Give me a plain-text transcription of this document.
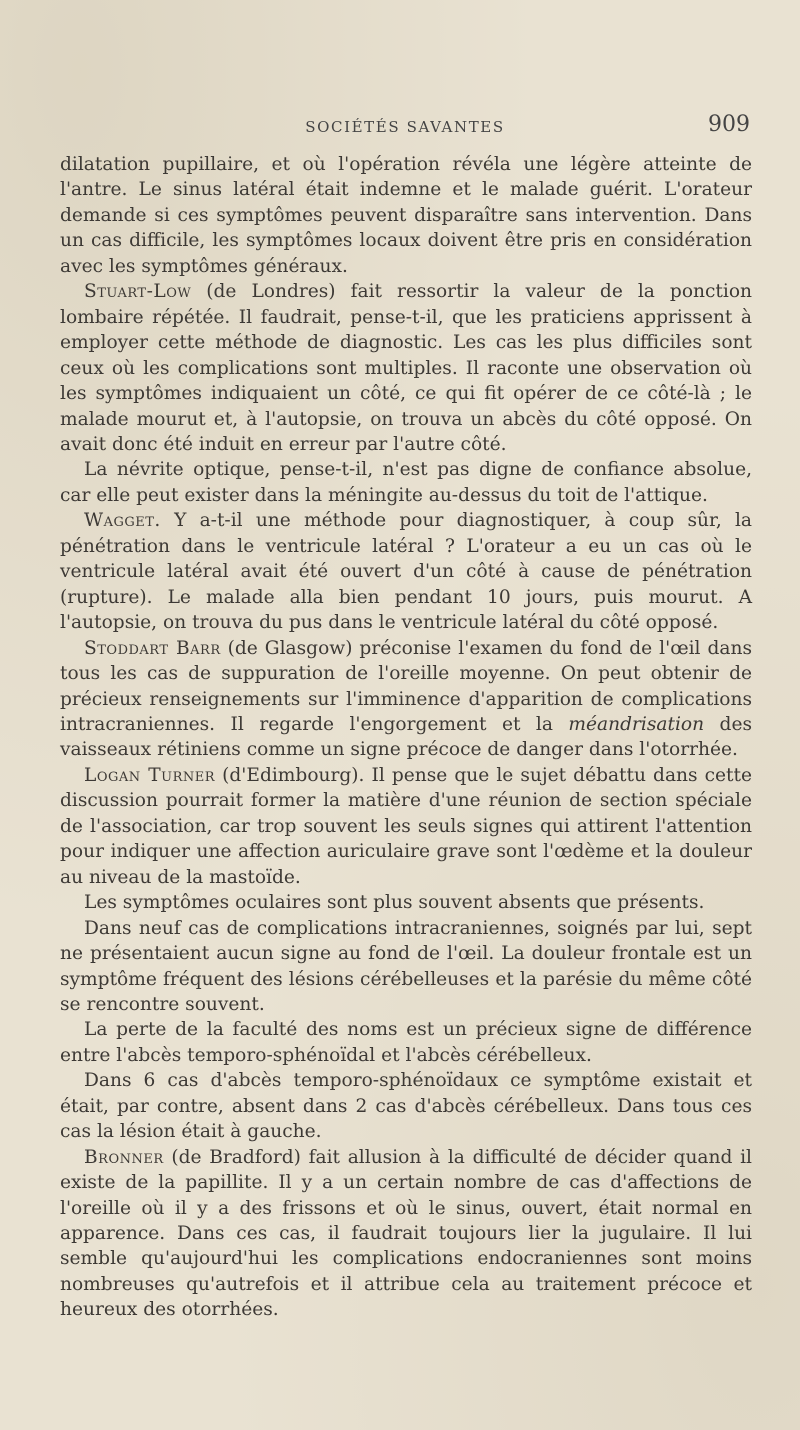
SOCIÉTÉS SAVANTES	909

dilatation pupillaire, et où l'opération révéla une légère atteinte de l'antre. Le sinus latéral était indemne et le malade guérit. L'orateur demande si ces symptômes peuvent disparaître sans intervention. Dans un cas difficile, les symptômes locaux doivent être pris en considération avec les symptômes généraux.

Stuart-Low (de Londres) fait ressortir la valeur de la ponction lombaire répétée. Il faudrait, pense-t-il, que les praticiens apprissent à employer cette méthode de diagnostic. Les cas les plus difficiles sont ceux où les complications sont multiples. Il raconte une observation où les symptômes indiquaient un côté, ce qui fit opérer de ce côté-là ; le malade mourut et, à l'autopsie, on trouva un abcès du côté opposé. On avait donc été induit en erreur par l'autre côté.

La névrite optique, pense-t-il, n'est pas digne de confiance absolue, car elle peut exister dans la méningite au-dessus du toit de l'attique.

Wagget. Y a-t-il une méthode pour diagnostiquer, à coup sûr, la pénétration dans le ventricule latéral ? L'orateur a eu un cas où le ventricule latéral avait été ouvert d'un côté à cause de pénétration (rupture). Le malade alla bien pendant 10 jours, puis mourut. A l'autopsie, on trouva du pus dans le ventricule latéral du côté opposé.

Stoddart Barr (de Glasgow) préconise l'examen du fond de l'œil dans tous les cas de suppuration de l'oreille moyenne. On peut obtenir de précieux renseignements sur l'imminence d'apparition de complications intracraniennes. Il regarde l'engorgement et la méandrisation des vaisseaux rétiniens comme un signe précoce de danger dans l'otorrhée.

Logan Turner (d'Edimbourg). Il pense que le sujet débattu dans cette discussion pourrait former la matière d'une réunion de section spéciale de l'association, car trop souvent les seuls signes qui attirent l'attention pour indiquer une affection auriculaire grave sont l'œdème et la douleur au niveau de la mastoïde.

Les symptômes oculaires sont plus souvent absents que présents.

Dans neuf cas de complications intracraniennes, soignés par lui, sept ne présentaient aucun signe au fond de l'œil. La douleur frontale est un symptôme fréquent des lésions cérébelleuses et la parésie du même côté se rencontre souvent.

La perte de la faculté des noms est un précieux signe de différence entre l'abcès temporo-sphénoïdal et l'abcès cérébelleux.

Dans 6 cas d'abcès temporo-sphénoïdaux ce symptôme existait et était, par contre, absent dans 2 cas d'abcès cérébelleux. Dans tous ces cas la lésion était à gauche.

Bronner (de Bradford) fait allusion à la difficulté de décider quand il existe de la papillite. Il y a un certain nombre de cas d'affections de l'oreille où il y a des frissons et où le sinus, ouvert, était normal en apparence. Dans ces cas, il faudrait toujours lier la jugulaire. Il lui semble qu'aujourd'hui les complications endocraniennes sont moins nombreuses qu'autrefois et il attribue cela au traitement précoce et heureux des otorrhées.
